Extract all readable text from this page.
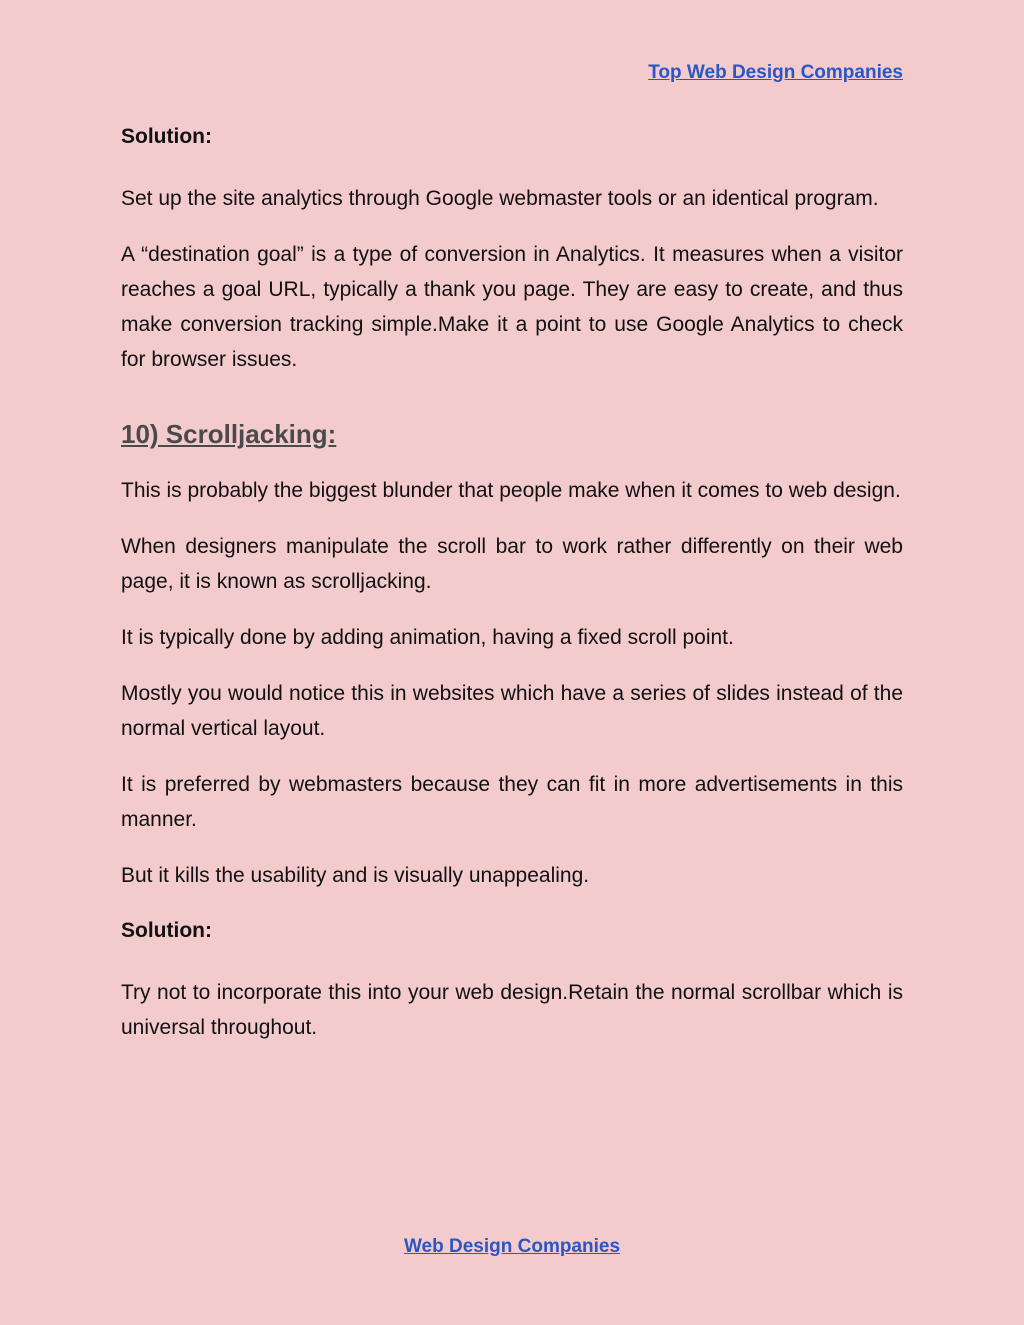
Top Web Design Companies

Solution:

Set up the site analytics through Google webmaster tools or an identical program.

A “destination goal” is a type of conversion in Analytics. It measures when a visitor reaches a goal URL, typically a thank you page. They are easy to create, and thus make conversion tracking simple.Make it a point to use Google Analytics to check for browser issues.

10) Scrolljacking:

This is probably the biggest blunder that people make when it comes to web design.

When designers manipulate the scroll bar to work rather differently on their web page, it is known as scrolljacking.

It is typically done by adding animation, having a fixed scroll point.

Mostly you would notice this in websites which have a series of slides instead of the normal vertical layout.

It is preferred by webmasters because they can fit in more advertisements in this manner.

But it kills the usability and is visually unappealing.

Solution:

Try not to incorporate this into your web design.Retain the normal scrollbar which is universal throughout.

Web Design Companies
